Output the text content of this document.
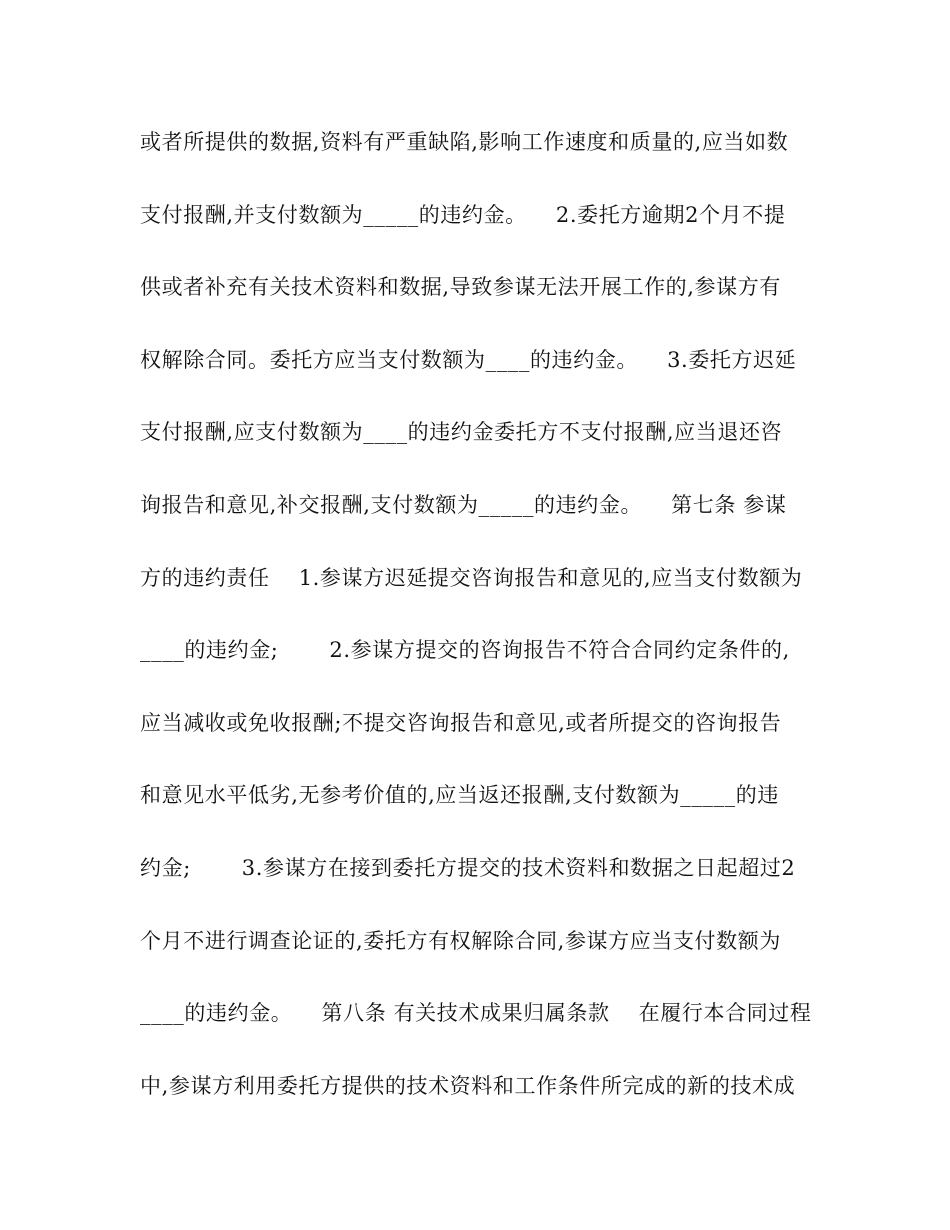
或者所提供的数据,资料有严重缺陷,影响工作速度和质量的,应当如数
支付报酬,并支付数额为_____的违约金。    2.委托方逾期2个月不提
供或者补充有关技术资料和数据,导致参谋无法开展工作的,参谋方有
权解除合同。委托方应当支付数额为____的违约金。    3.委托方迟延
支付报酬,应支付数额为____的违约金委托方不支付报酬,应当退还咨
询报告和意见,补交报酬,支付数额为_____的违约金。    第七条 参谋
方的违约责任    1.参谋方迟延提交咨询报告和意见的,应当支付数额为
____的违约金;       2.参谋方提交的咨询报告不符合合同约定条件的,
应当减收或免收报酬;不提交咨询报告和意见,或者所提交的咨询报告
和意见水平低劣,无参考价值的,应当返还报酬,支付数额为_____的违
约金;       3.参谋方在接到委托方提交的技术资料和数据之日起超过2
个月不进行调查论证的,委托方有权解除合同,参谋方应当支付数额为
____的违约金。    第八条 有关技术成果归属条款    在履行本合同过程
中,参谋方利用委托方提供的技术资料和工作条件所完成的新的技术成
